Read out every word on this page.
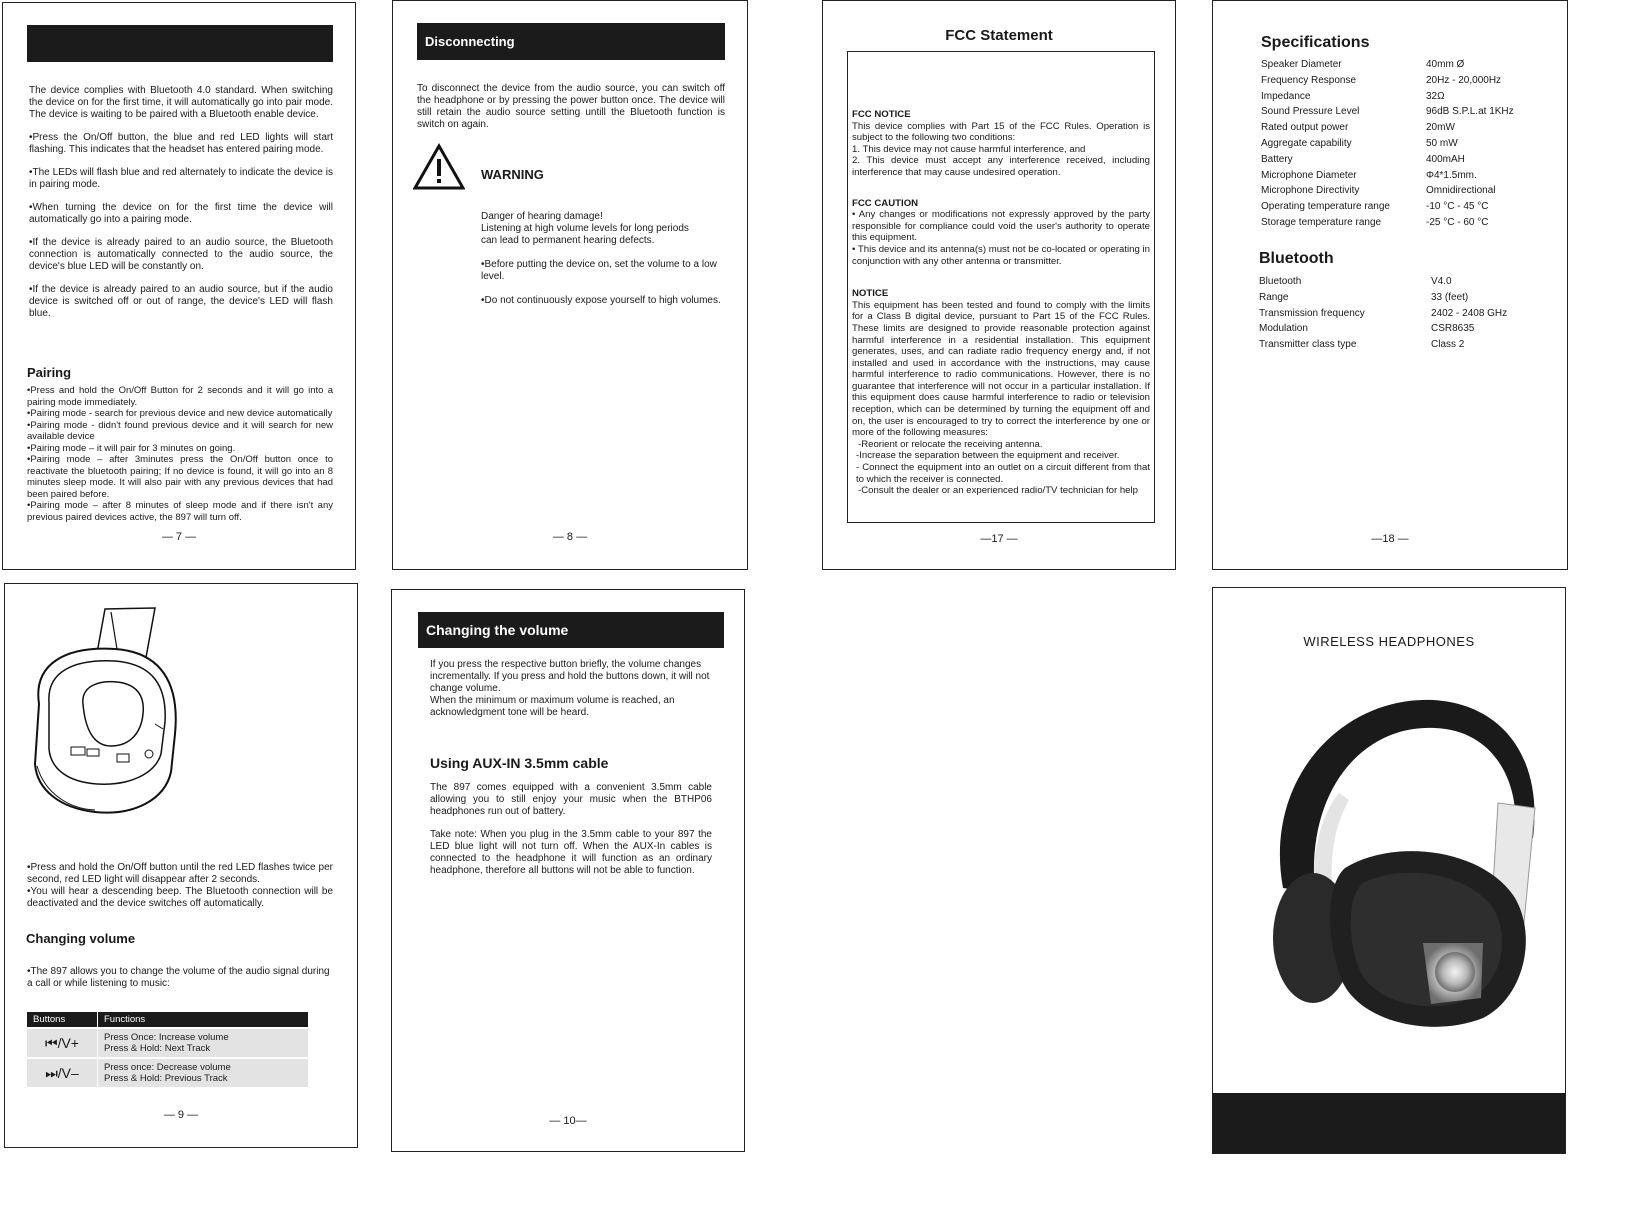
The device complies with Bluetooth 4.0 standard. When switching the device on for the first time, it will automatically go into pair mode. The device is waiting to be paired with a Bluetooth enable device.

•Press the On/Off button, the blue and red LED lights will start flashing. This indicates that the headset has entered pairing mode.

•The LEDs will flash blue and red alternately to indicate the device is in pairing mode.

•When turning the device on for the first time the device will automatically go into a pairing mode.

•If the device is already paired to an audio source, the Bluetooth connection is automatically connected to the audio source, the device's blue LED will be constantly on.

•If the device is already paired to an audio source, but if the audio device is switched off or out of range, the device's LED will flash blue.

Pairing
•Press and hold the On/Off Button for 2 seconds and it will go into a pairing mode immediately.
•Pairing mode - search for previous device and new device automatically
•Pairing mode - didn't found previous device and it will search for new available device
•Pairing mode – it will pair for 3 minutes on going.
•Pairing mode – after 3minutes press the On/Off button once to reactivate the bluetooth pairing; If no device is found, it will go into an 8 minutes sleep mode. It will also pair with any previous devices that had been paired before.
•Pairing mode – after 8 minutes of sleep mode and if there isn't any previous paired devices active, the 897 will turn off.
— 7 —
Disconnecting
To disconnect the device from the audio source, you can switch off the headphone or by pressing the power button once. The device will still retain the audio source setting untill the Bluetooth function is switch on again.
WARNING
Danger of hearing damage!
Listening at high volume levels for long periods
can lead to permanent hearing defects.
•Before putting the device on, set the volume to a low level.
•Do not continuously expose yourself to high volumes.
— 8 —
FCC Statement

FCC NOTICE

This device complies with Part 15 of the FCC Rules. Operation is subject to the following two conditions:

1. This device may not cause harmful interference, and

2. This device must accept any interference received, including interference that may cause undesired operation.

FCC CAUTION

• Any changes or modifications not expressly approved by the party responsible for compliance could void the user's authority to operate this equipment.

• This device and its antenna(s) must not be co-located or operating in conjunction with any other antenna or transmitter.

NOTICE

This equipment has been tested and found to comply with the limits for a Class B digital device, pursuant to Part 15 of the FCC Rules. These limits are designed to provide reasonable protection against harmful interference in a residential installation. This equipment generates, uses, and can radiate radio frequency energy and, if not installed and used in accordance with the instructions, may cause harmful interference to radio communications. However, there is no guarantee that interference will not occur in a particular installation. If this equipment does cause harmful interference to radio or television reception, which can be determined by turning the equipment off and on, the user is encouraged to try to correct the interference by one or more of the following measures:

-Reorient or relocate the receiving antenna.

-Increase the separation between the equipment and receiver.

- Connect the equipment into an outlet on a circuit different from that to which the receiver is connected.

-Consult the dealer or an experienced radio/TV technician for help

—17 —
Specifications
Speaker Diameter	40mm Ø
Frequency Response	20Hz - 20,000Hz
Impedance	32Ω
Sound Pressure Level	96dB S.P.L.at 1KHz
Rated output power	20mW
Aggregate capability	50 mW
Battery	400mAH
Microphone Diameter	Φ4*1.5mm.
Microphone Directivity	Omnidirectional
Operating temperature range	-10 °C - 45 °C
Storage temperature range	-25 °C - 60 °C
Bluetooth
Bluetooth	V4.0
Range	33 (feet)
Transmission frequency	2402 - 2408 GHz
Modulation	CSR8635
Transmitter class type	Class 2
—18 —
•Press and hold the On/Off button until the red LED flashes twice per second, red LED light will disappear after 2 seconds.
•You will hear a descending beep. The Bluetooth connection will be deactivated and the device switches off automatically.
Changing volume
•The 897 allows you to change the volume of the audio signal during a call or while listening to music:
Buttons	Functions
⏮/V+	Press Once: Increase volume
Press & Hold: Next Track

⏭/V–	Press once: Decrease volume
Press & Hold: Previous Track
— 9 —
Changing the volume
If you press the respective button briefly, the volume changes incrementally. If you press and hold the buttons down, it will not change volume.
When the minimum or maximum volume is reached, an acknowledgment tone will be heard.
Using AUX-IN 3.5mm cable

The 897 comes equipped with a convenient 3.5mm cable allowing you to still enjoy your music when the BTHP06 headphones run out of battery.

Take note: When you plug in the 3.5mm cable to your 897 the LED blue light will not turn off. When the AUX-In cables is connected to the headphone it will function as an ordinary headphone, therefore all buttons will not be able to function.

— 10—
WIRELESS HEADPHONES
